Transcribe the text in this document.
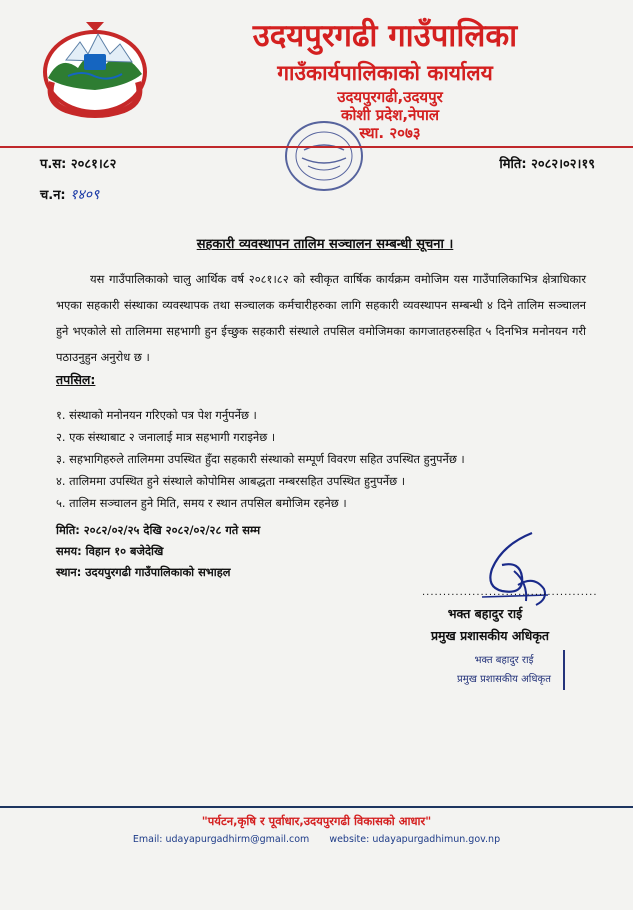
उदयपुरगढी गाउँपालिका
गाउँकार्यपालिकाको कार्यालय
उदयपुरगढी,उदयपुर
कोशी प्रदेश,नेपाल
स्था. २०७३
प.स: २०८१।८२
च.न: १४०९
मिति: २०८२।०२।१९
सहकारी व्यवस्थापन तालिम सञ्चालन सम्बन्धी सूचना ।
यस गाउँपालिकाको चालु आर्थिक वर्ष २०८१।८२ को स्वीकृत वार्षिक कार्यक्रम वमोजिम यस गाउँपालिकाभित्र क्षेत्राधिकार भएका सहकारी संस्थाका व्यवस्थापक तथा सञ्चालक कर्मचारीहरुका लागि सहकारी व्यवस्थापन सम्बन्धी ४ दिने तालिम सञ्चालन हुने भएकोले सो तालिममा सहभागी हुन ईच्छुक सहकारी संस्थाले तपसिल वमोजिमका कागजातहरुसहित ५ दिनभित्र मनोनयन गरी पठाउनुहुन अनुरोध छ ।
तपसिल:
१. संस्थाको मनोनयन गरिएको पत्र पेश गर्नुपर्नेछ ।
२. एक संस्थाबाट २ जनालाई मात्र सहभागी गराइनेछ ।
३. सहभागिहरुले तालिममा उपस्थित हुँदा सहकारी संस्थाको सम्पूर्ण विवरण सहित उपस्थित हुनुपर्नेछ ।
४. तालिममा उपस्थित हुने संस्थाले कोपोमिस आबद्धता नम्बरसहित उपस्थित हुनुपर्नेछ ।
५. तालिम सञ्चालन हुने मिति, समय र स्थान तपसिल बमोजिम रहनेछ ।
मिति: २०८२/०२/२५ देखि २०८२/०२/२८ गते सम्म
समय: विहान १० बजेदेखि
स्थान: उदयपुरगढी गाउँपालिकाको सभाहल
..........................................
भक्त बहादुर राई
प्रमुख प्रशासकीय अधिकृत
भक्त बहादुर राई
प्रमुख प्रशासकीय अधिकृत
"पर्यटन,कृषि र पूर्वाधार,उदयपुरगढी विकासको आधार"
Email: udayapurgadhirm@gmail.com website: udayapurgadhimun.gov.np
